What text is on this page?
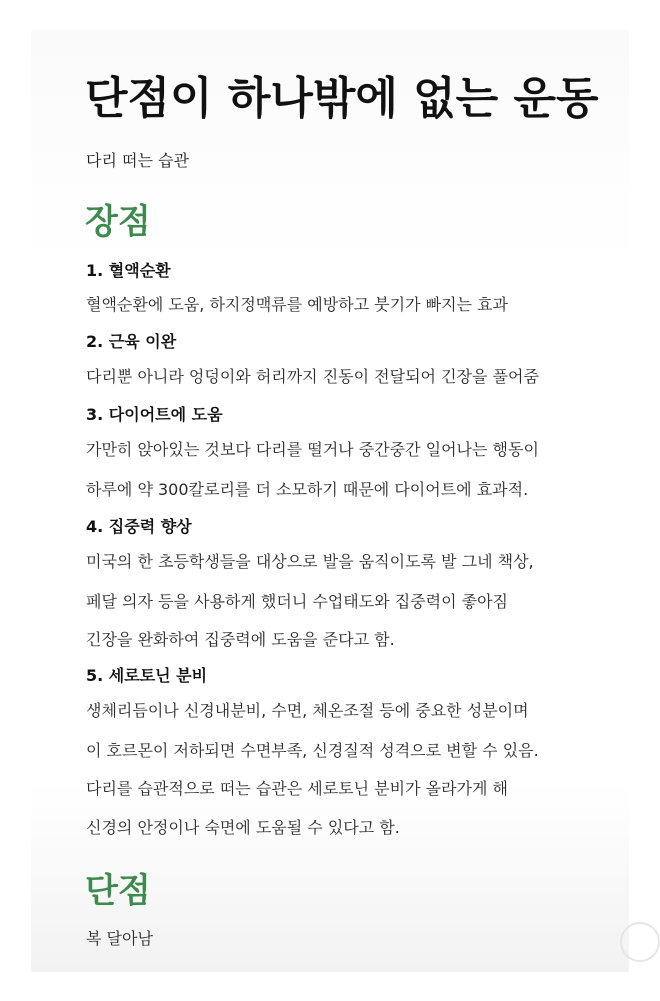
단점이 하나밖에 없는 운동
다리 떠는 습관
장점
1. 혈액순환
혈액순환에 도움, 하지정맥류를 예방하고 붓기가 빠지는 효과
2. 근육 이완
다리뿐 아니라 엉덩이와 허리까지 진동이 전달되어 긴장을 풀어줌
3. 다이어트에 도움
가만히 앉아있는 것보다 다리를 떨거나 중간중간 일어나는 행동이
하루에 약 300칼로리를 더 소모하기 때문에 다이어트에 효과적.
4. 집중력 향상
미국의 한 초등학생들을 대상으로 발을 움직이도록 발 그네 책상,
페달 의자 등을 사용하게 했더니 수업태도와 집중력이 좋아짐
긴장을 완화하여 집중력에 도움을 준다고 함.
5. 세로토닌 분비
생체리듬이나 신경내분비, 수면, 체온조절 등에 중요한 성분이며
이 호르몬이 저하되면 수면부족, 신경질적 성격으로 변할 수 있음.
다리를 습관적으로 떠는 습관은 세로토닌 분비가 올라가게 해
신경의 안정이나 숙면에 도움될 수 있다고 함.
단점
복 달아남
